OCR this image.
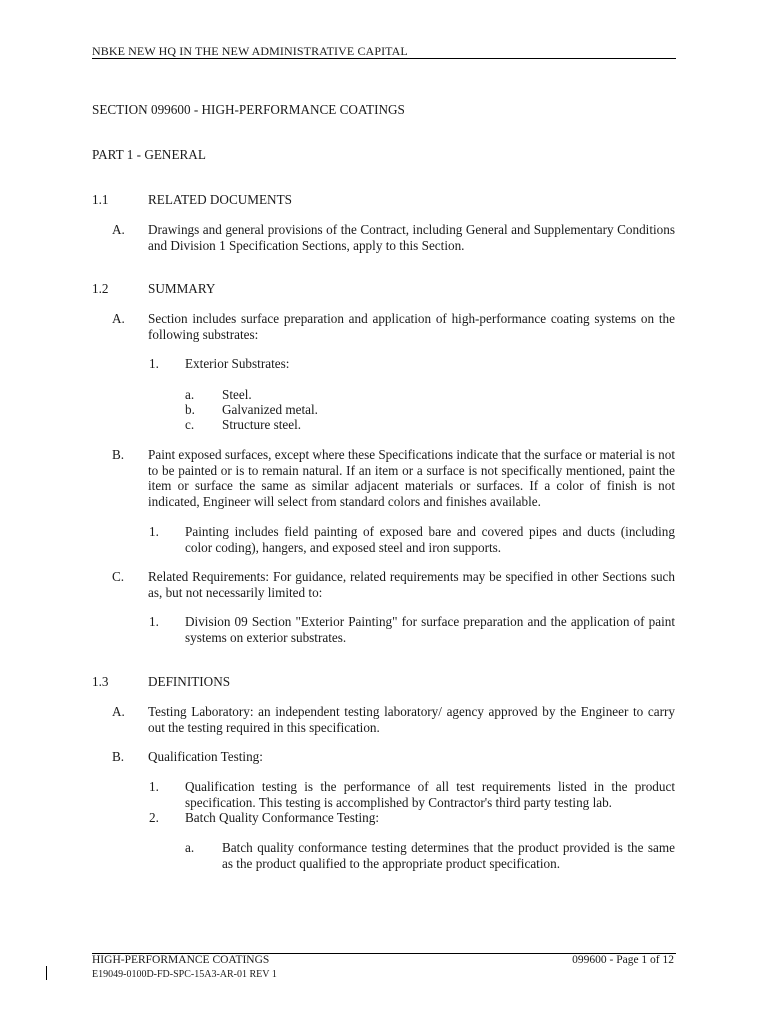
NBKE NEW HQ IN THE NEW ADMINISTRATIVE CAPITAL
SECTION 099600 - HIGH-PERFORMANCE COATINGS
PART 1 - GENERAL
1.1	RELATED DOCUMENTS
A. Drawings and general provisions of the Contract, including General and Supplementary Conditions and Division 1 Specification Sections, apply to this Section.
1.2	SUMMARY
A. Section includes surface preparation and application of high-performance coating systems on the following substrates:
1. Exterior Substrates:
a. Steel.
b. Galvanized metal.
c. Structure steel.
B. Paint exposed surfaces, except where these Specifications indicate that the surface or material is not to be painted or is to remain natural. If an item or a surface is not specifically mentioned, paint the item or surface the same as similar adjacent materials or surfaces. If a color of finish is not indicated, Engineer will select from standard colors and finishes available.
1. Painting includes field painting of exposed bare and covered pipes and ducts (including color coding), hangers, and exposed steel and iron supports.
C. Related Requirements: For guidance, related requirements may be specified in other Sections such as, but not necessarily limited to:
1. Division 09 Section "Exterior Painting" for surface preparation and the application of paint systems on exterior substrates.
1.3	DEFINITIONS
A. Testing Laboratory: an independent testing laboratory/ agency approved by the Engineer to carry out the testing required in this specification.
B. Qualification Testing:
1. Qualification testing is the performance of all test requirements listed in the product specification. This testing is accomplished by Contractor's third party testing lab.
2. Batch Quality Conformance Testing:
a. Batch quality conformance testing determines that the product provided is the same as the product qualified to the appropriate product specification.
HIGH-PERFORMANCE COATINGS	099600 - Page 1 of 12
E19049-0100D-FD-SPC-15A3-AR-01 REV 1
